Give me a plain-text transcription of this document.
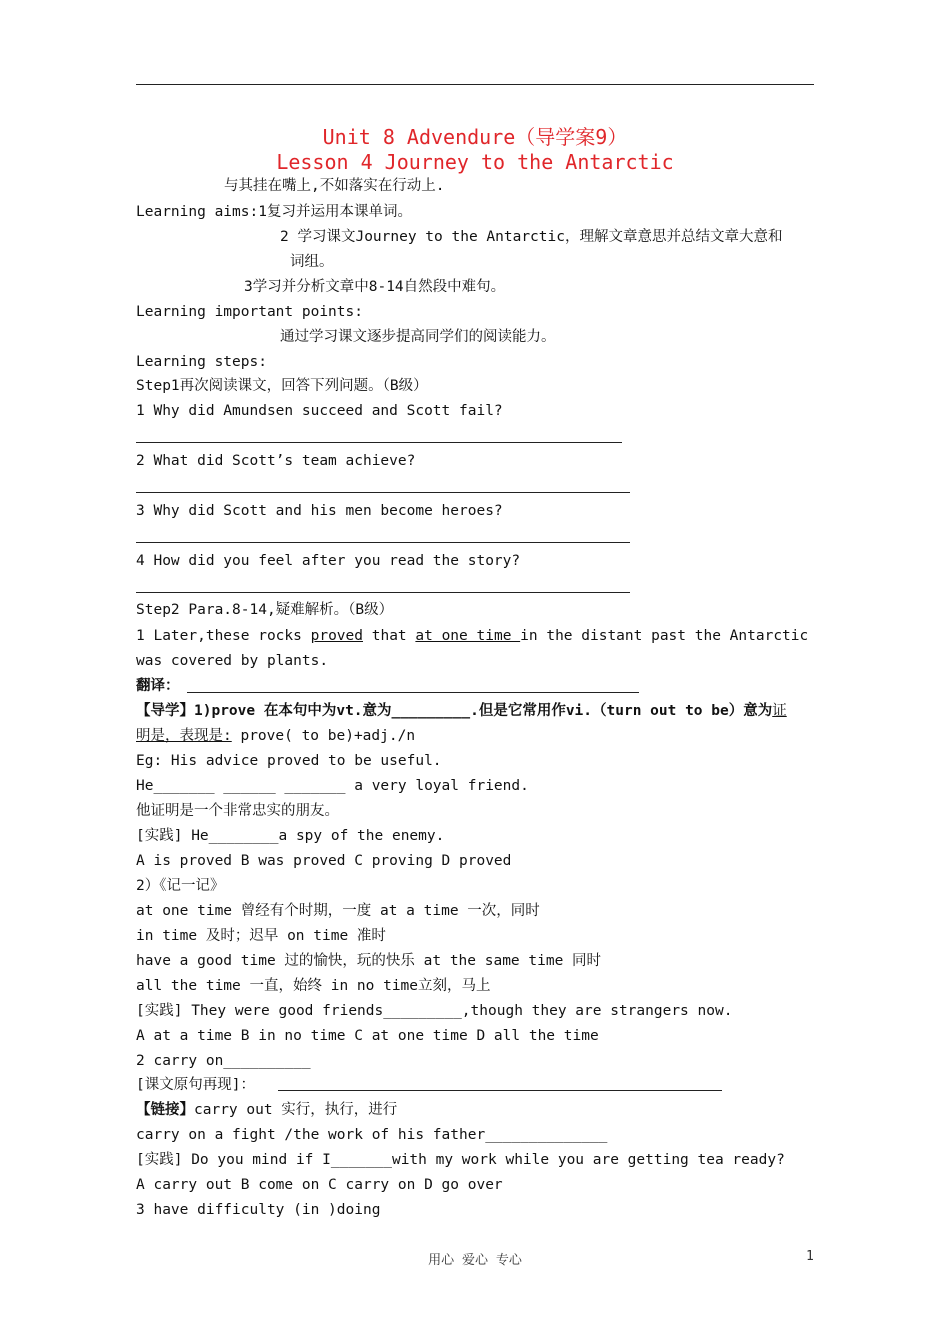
Unit 8 Advendure（导学案9）
Lesson 4 Journey to the Antarctic
与其挂在嘴上,不如落实在行动上.
Learning aims:1复习并运用本课单词。
2 学习课文Journey to the Antarctic，理解文章意思并总结文章大意和
词组。
3学习并分析文章中8-14自然段中难句。
Learning important points:
通过学习课文逐步提高同学们的阅读能力。
Learning steps:
Step1再次阅读课文，回答下列问题。（B级）
1 Why did Amundsen succeed and Scott fail?
2 What did Scott’s team achieve?
3 Why did Scott and his men become heroes?
4 How did you feel after you read the story?
Step2 Para.8-14,疑难解析。（B级）
1 Later,these rocks proved that at one time in the distant past the Antarctic
was covered by plants.
翻译：
【导学】1)prove 在本句中为vt.意为_________.但是它常用作vi.（turn out to be）意为证
明是，表现是: prove( to be)+adj./n
Eg: His advice proved to be useful.
He_______ ______ _______ a very loyal friend.
他证明是一个非常忠实的朋友。
[实践] He________a spy of the enemy.
A is proved B was proved C proving D proved
2）《记一记》
at one time 曾经有个时期，一度 at a time 一次，同时
in time 及时；迟早 on time 准时
have a good time 过的愉快，玩的快乐 at the same time 同时
all the time 一直，始终 in no time立刻，马上
[实践] They were good friends_________,though they are strangers now.
A at a time B in no time C at one time D all the time
2 carry on__________
[课文原句再现]：
【链接】carry out 实行，执行，进行
carry on a fight /the work of his father______________
[实践] Do you mind if I_______with my work while you are getting tea ready?
A carry out B come on C carry on D go over
3 have difficulty (in )doing
用心 爱心 专心	1
